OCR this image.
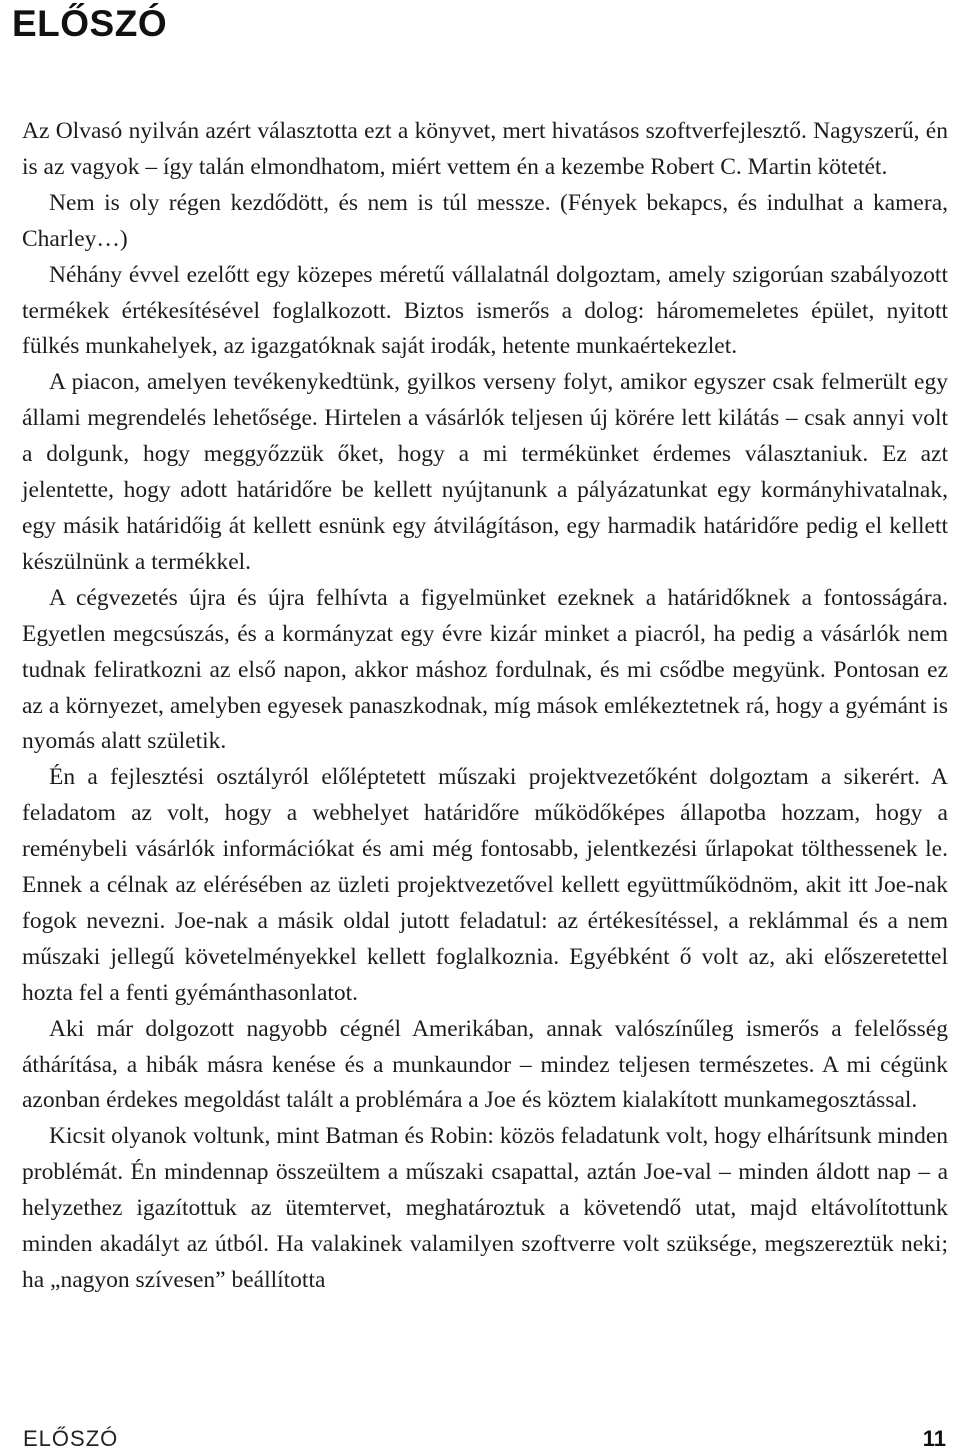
ELŐSZÓ

Az Olvasó nyilván azért választotta ezt a könyvet, mert hivatásos szoftverfejlesztő. Nagyszerű, én is az vagyok – így talán elmondhatom, miért vettem én a kezembe Robert C. Martin kötetét.

Nem is oly régen kezdődött, és nem is túl messze. (Fények bekapcs, és indulhat a kamera, Charley…)

Néhány évvel ezelőtt egy közepes méretű vállalatnál dolgoztam, amely szigorúan szabályozott termékek értékesítésével foglalkozott. Biztos ismerős a dolog: háromemeletes épület, nyitott fülkés munkahelyek, az igazgatóknak saját irodák, hetente munkaértekezlet.

A piacon, amelyen tevékenykedtünk, gyilkos verseny folyt, amikor egyszer csak felmerült egy állami megrendelés lehetősége. Hirtelen a vásárlók teljesen új körére lett kilátás – csak annyi volt a dolgunk, hogy meggyőzzük őket, hogy a mi termékünket érdemes választaniuk. Ez azt jelentette, hogy adott határidőre be kellett nyújtanunk a pályázatunkat egy kormányhivatalnak, egy másik határidőig át kellett esnünk egy átvilágításon, egy harmadik határidőre pedig el kellett készülnünk a termékkel.

A cégvezetés újra és újra felhívta a figyelmünket ezeknek a határidőknek a fontosságára. Egyetlen megcsúszás, és a kormányzat egy évre kizár minket a piacról, ha pedig a vásárlók nem tudnak feliratkozni az első napon, akkor máshoz fordulnak, és mi csődbe megyünk. Pontosan ez az a környezet, amelyben egyesek panaszkodnak, míg mások emlékeztetnek rá, hogy a gyémánt is nyomás alatt születik.

Én a fejlesztési osztályról előléptetett műszaki projektvezetőként dolgoztam a sikerért. A feladatom az volt, hogy a webhelyet határidőre működőképes állapotba hozzam, hogy a reménybeli vásárlók információkat és ami még fontosabb, jelentkezési űrlapokat tölthessenek le. Ennek a célnak az elérésében az üzleti projektvezetővel kellett együttműködnöm, akit itt Joe-nak fogok nevezni. Joe-nak a másik oldal jutott feladatul: az értékesítéssel, a reklámmal és a nem műszaki jellegű követelményekkel kellett foglalkoznia. Egyébként ő volt az, aki előszeretettel hozta fel a fenti gyémánthasonlatot.

Aki már dolgozott nagyobb cégnél Amerikában, annak valószínűleg ismerős a felelősség áthárítása, a hibák másra kenése és a munkaundor – mindez teljesen természetes. A mi cégünk azonban érdekes megoldást talált a problémára a Joe és köztem kialakított munkamegosztással.

Kicsit olyanok voltunk, mint Batman és Robin: közös feladatunk volt, hogy elhárítsunk minden problémát. Én mindennap összeültem a műszaki csapattal, aztán Joe-val – minden áldott nap – a helyzethez igazítottuk az ütemtervet, meghatároztuk a követendő utat, majd eltávolítottunk minden akadályt az útból. Ha valakinek valamilyen szoftverre volt szüksége, megszereztük neki; ha „nagyon szívesen” beállította

ELŐSZÓ	11
